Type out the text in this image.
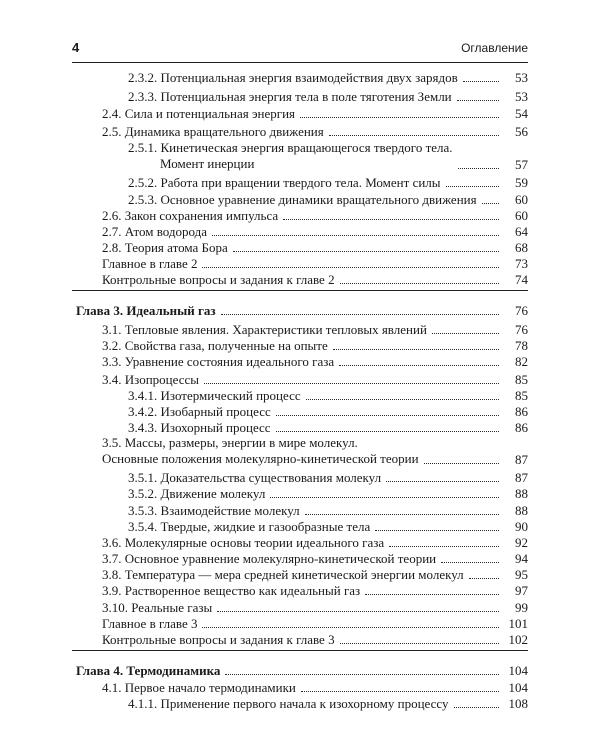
4	Оглавление
2.3.2. Потенциальная энергия взаимодействия двух зарядов	53
2.3.3. Потенциальная энергия тела в поле тяготения Земли	53
2.4. Сила и потенциальная энергия	54
2.5. Динамика вращательного движения	56
2.5.1. Кинетическая энергия вращающегося твердого тела.
Момент инерции	57
2.5.2. Работа при вращении твердого тела. Момент силы	59
2.5.3. Основное уравнение динамики вращательного движения	60
2.6. Закон сохранения импульса	60
2.7. Атом водорода	64
2.8. Теория атома Бора	68
Главное в главе 2	73
Контрольные вопросы и задания к главе 2	74
Глава 3. Идеальный газ	76
3.1. Тепловые явления. Характеристики тепловых явлений	76
3.2. Свойства газа, полученные на опыте	78
3.3. Уравнение состояния идеального газа	82
3.4. Изопроцессы	85
3.4.1. Изотермический процесс	85
3.4.2. Изобарный процесс	86
3.4.3. Изохорный процесс	86
3.5. Массы, размеры, энергии в мире молекул.
Основные положения молекулярно-кинетической теории	87
3.5.1. Доказательства существования молекул	87
3.5.2. Движение молекул	88
3.5.3. Взаимодействие молекул	88
3.5.4. Твердые, жидкие и газообразные тела	90
3.6. Молекулярные основы теории идеального газа	92
3.7. Основное уравнение молекулярно-кинетической теории	94
3.8. Температура — мера средней кинетической энергии молекул	95
3.9. Растворенное вещество как идеальный газ	97
3.10. Реальные газы	99
Главное в главе 3	101
Контрольные вопросы и задания к главе 3	102
Глава 4. Термодинамика	104
4.1. Первое начало термодинамики	104
4.1.1. Применение первого начала к изохорному процессу	108
